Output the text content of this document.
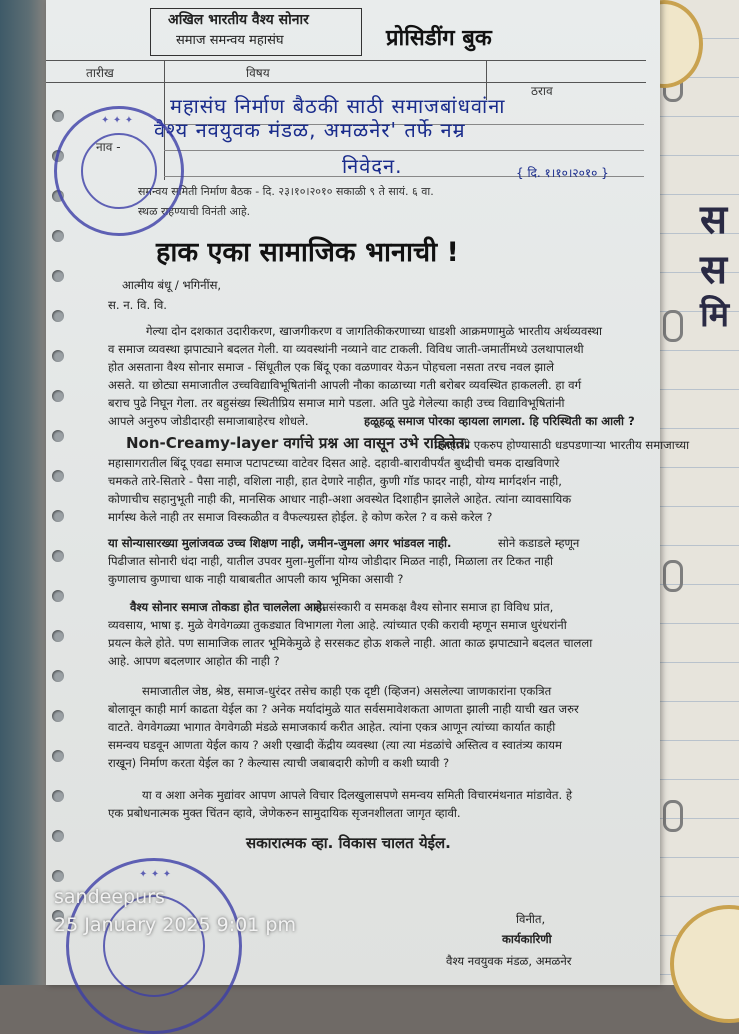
स
स
मि
अखिल भारतीय वैश्य सोनार
समाज समन्वय महासंघ	प्रोसिडींग बुक
तारीख	विषय
ठराव
नाव -
महासंघ निर्माण बैठकी साठी समाजबांधवांना
वैश्य नवयुवक मंडळ, अमळनेर' तर्फे नम्र
निवेदन.	{ दि. १।१०।२०१० }
समन्वय समिती निर्माण बैठक - दि. २३।१०।२०१० सकाळी ९ ते सायं. ६ वा.
स्थळ राहण्याची विनंती आहे.
हाक एका सामाजिक भानाची !
आत्मीय बंधू / भगिनींस,
स. न. वि. वि.
गेल्या दोन दशकात उदारीकरण, खाजगीकरण व जागतिकीकरणाच्या धाडशी आक्रमणामुळे भारतीय अर्थव्यवस्था
व समाज व्यवस्था झपाट्याने बदलत गेली. या व्यवस्थांनी नव्याने वाट टाकली. विविध जाती-जमातींमध्ये उलथापालथी
होत असताना वैश्य सोनार समाज - सिंधूतील एक बिंदू एका वळणावर येऊन पोहचला नसता तरच नवल झाले
असते. या छोट्या समाजातील उच्चविद्याविभूषितांनी आपली नौका काळाच्या गती बरोबर व्यवस्थित हाकलली. हा वर्ग
बराच पुढे निघून गेला. तर बहुसंख्य स्थितीप्रिय समाज मागे पडला. अति पुढे गेलेल्या काही उच्च विद्याविभूषितांनी
आपले अनुरुप जोडीदारही समाजाबाहेरच शोधले.	हळूहळू समाज पोरका व्हायला लागला. हि परिस्थिती का आली ?
Non-Creamy-layer वर्गाचे प्रश्न आ वासून उभे राहिलेत.
प्रवाहाशी एकरुप होण्यासाठी धडपडणाऱ्या भारतीय समाजाच्या
महासागरातील बिंदू एवढा समाज पटापटच्या वाटेवर दिसत आहे. दहावी-बारावीपर्यंत बुध्दीची चमक दाखविणारे
चमकते तारे-सितारे - पैसा नाही, वशिला नाही, हात देणारे नाहीत, कुणी गॉड फादर नाही, योग्य मार्गदर्शन नाही,
कोणाचीच सहानुभूती नाही की, मानसिक आधार नाही-अशा अवस्थेत दिशाहीन झालेले आहेत. त्यांना व्यावसायिक
मार्गस्थ केले नाही तर समाज विस्कळीत व वैफल्यग्रस्त होईल. हे कोण करेल ? व कसे करेल ?
या सोन्यासारख्या मुलांजवळ उच्च शिक्षण नाही, जमीन-जुमला अगर भांडवल नाही.	सोने कडाडले म्हणून
पिढीजात सोनारी धंदा नाही, यातील उपवर मुला-मुलींना योग्य जोडीदार मिळत नाही, मिळाला तर टिकत नाही
कुणालाच कुणाचा धाक नाही याबाबतीत आपली काय भूमिका असावी ?
वैश्य सोनार समाज तोकडा होत चाललेला आहे.
समसंस्कारी व समकक्ष वैश्य सोनार समाज हा विविध प्रांत,
व्यवसाय, भाषा इ. मुळे वेगवेगळ्या तुकड्यात विभागला गेला आहे. त्यांच्यात एकी करावी म्हणून समाज धुरंधरांनी
प्रयत्न केले होते. पण सामाजिक लातर भूमिकेमुळे हे सरसकट होऊ शकले नाही. आता काळ झपाट्याने बदलत चालला
आहे. आपण बदलणार आहोत की नाही ?
समाजातील जेष्ठ, श्रेष्ठ, समाज-धुरंदर तसेच काही एक दृष्टी (व्हिजन) असलेल्या जाणकारांना एकत्रित
बोलावून काही मार्ग काढता येईल का ? अनेक मर्यादांमुळे यात सर्वसमावेशकता आणता झाली नाही याची खत जरुर
वाटते. वेगवेगळ्या भागात वेगवेगळी मंडळे समाजकार्य करीत आहेत. त्यांना एकत्र आणून त्यांच्या कार्यात काही
समन्वय घडवून आणता येईल काय ? अशी एखादी केंद्रीय व्यवस्था (त्या त्या मंडळांचे अस्तित्व व स्वातंत्र्य कायम
राखून) निर्माण करता येईल का ? केल्यास त्याची जबाबदारी कोणी व कशी घ्यावी ?
या व अशा अनेक मुद्यांवर आपण आपले विचार दिलखुलासपणे समन्वय समिती विचारमंथनात मांडावेत. हे
एक प्रबोधनात्मक मुक्त चिंतन व्हावे, जेणेकरुन सामुदायिक सृजनशीलता जागृत व्हावी.
सकारात्मक व्हा. विकास चालत येईल.
विनीत,
कार्यकारिणी
वैश्य नवयुवक मंडळ, अमळनेर
✦ ✦ ✦
✦ ✦ ✦
sandeepurs
25 January 2025 9:01 pm
